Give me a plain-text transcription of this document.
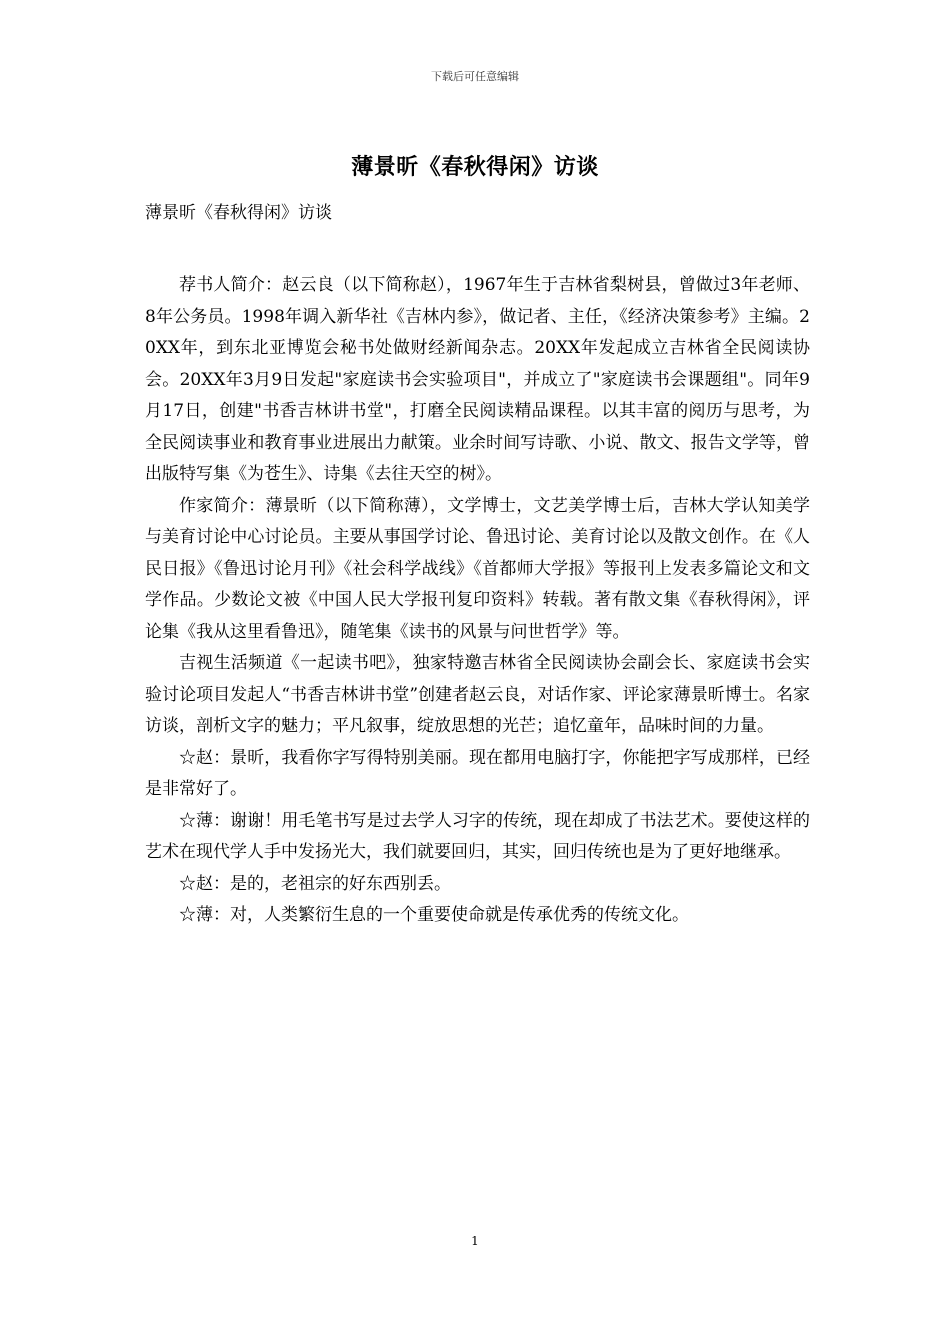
下载后可任意编辑
薄景昕《春秋得闲》访谈
薄景昕《春秋得闲》访谈

荐书人简介：赵云良（以下简称赵），1967年生于吉林省梨树县，曾做过3年老师、8年公务员。1998年调入新华社《吉林内参》，做记者、主任，《经济决策参考》主编。20XX年，到东北亚博览会秘书处做财经新闻杂志。20XX年发起成立吉林省全民阅读协会。20XX年3月9日发起"家庭读书会实验项目"，并成立了"家庭读书会课题组"。同年9月17日，创建"书香吉林讲书堂"，打磨全民阅读精品课程。以其丰富的阅历与思考，为全民阅读事业和教育事业进展出力献策。业余时间写诗歌、小说、散文、报告文学等，曾出版特写集《为苍生》、诗集《去往天空的树》。

作家简介：薄景昕（以下简称薄），文学博士，文艺美学博士后，吉林大学认知美学与美育讨论中心讨论员。主要从事国学讨论、鲁迅讨论、美育讨论以及散文创作。在《人民日报》《鲁迅讨论月刊》《社会科学战线》《首都师大学报》等报刊上发表多篇论文和文学作品。少数论文被《中国人民大学报刊复印资料》转载。著有散文集《春秋得闲》，评论集《我从这里看鲁迅》，随笔集《读书的风景与问世哲学》等。

吉视生活频道《一起读书吧》，独家特邀吉林省全民阅读协会副会长、家庭读书会实验讨论项目发起人“书香吉林讲书堂”创建者赵云良，对话作家、评论家薄景昕博士。名家访谈，剖析文字的魅力；平凡叙事，绽放思想的光芒；追忆童年，品味时间的力量。

☆赵：景昕，我看你字写得特别美丽。现在都用电脑打字，你能把字写成那样，已经是非常好了。

☆薄：谢谢！用毛笔书写是过去学人习字的传统，现在却成了书法艺术。要使这样的艺术在现代学人手中发扬光大，我们就要回归，其实，回归传统也是为了更好地继承。

☆赵：是的，老祖宗的好东西别丢。

☆薄：对，人类繁衍生息的一个重要使命就是传承优秀的传统文化。

1
